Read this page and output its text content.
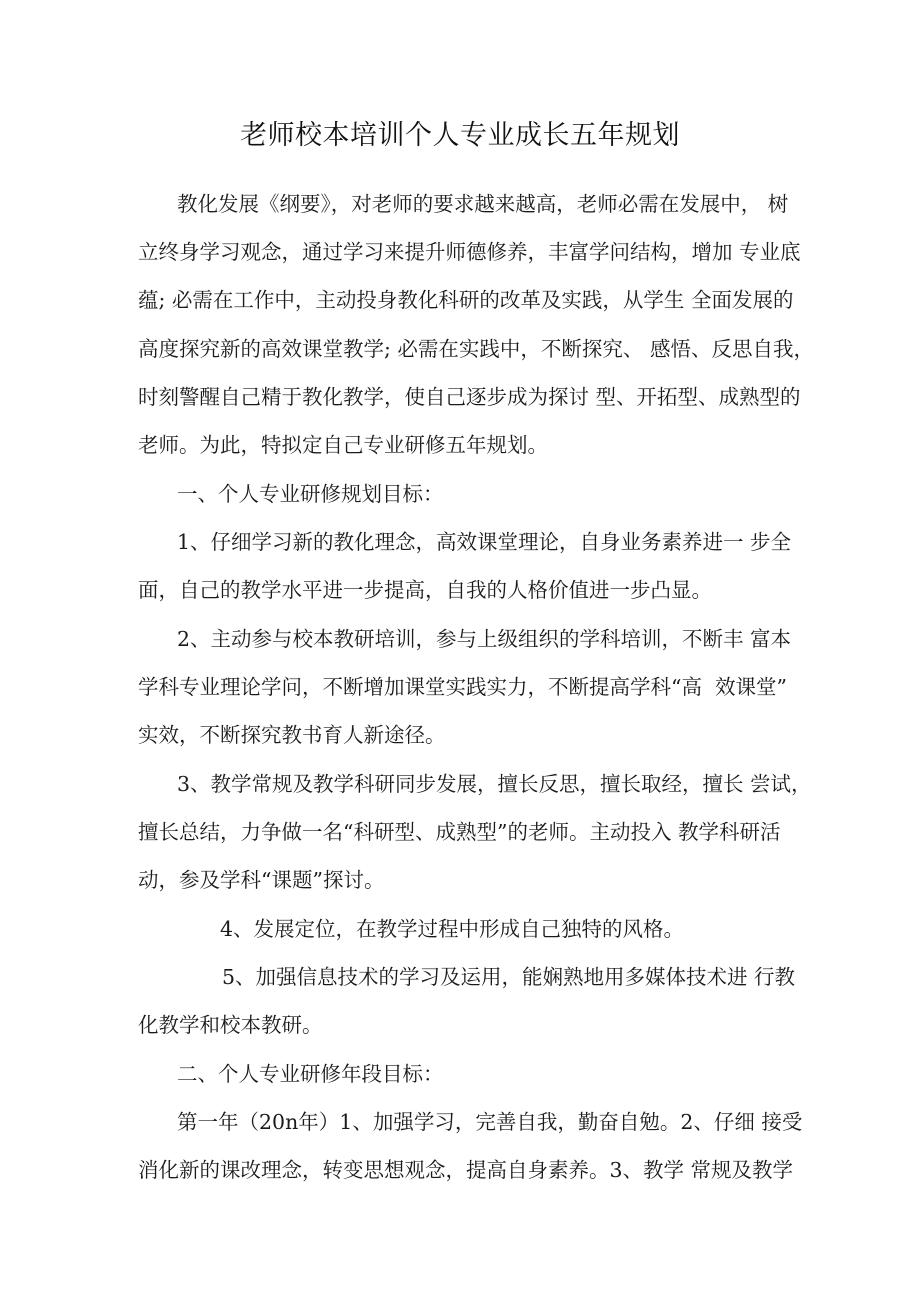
老师校本培训个人专业成长五年规划
教化发展《纲要》，对老师的要求越来越高，老师必需在发展中， 树
立终身学习观念，通过学习来提升师德修养，丰富学问结构，增加 专业底
蕴; 必需在工作中，主动投身教化科研的改革及实践，从学生 全面发展的
高度探究新的高效课堂教学; 必需在实践中，不断探究、 感悟、反思自我，
时刻警醒自己精于教化教学，使自己逐步成为探讨 型、开拓型、成熟型的
老师。为此，特拟定自己专业研修五年规划。
一、个人专业研修规划目标：
1、仔细学习新的教化理念，高效课堂理论，自身业务素养进一 步全
面，自己的教学水平进一步提高，自我的人格价值进一步凸显。
2、主动参与校本教研培训，参与上级组织的学科培训，不断丰 富本
学科专业理论学问，不断增加课堂实践实力，不断提高学科“高  效课堂”
实效，不断探究教书育人新途径。
3、教学常规及教学科研同步发展，擅长反思，擅长取经，擅长 尝试，
擅长总结，力争做一名“科研型、成熟型”的老师。主动投入 教学科研活
动，参及学科“课题”探讨。
4、发展定位，在教学过程中形成自己独特的风格。
5、加强信息技术的学习及运用，能娴熟地用多媒体技术进 行教
化教学和校本教研。
二、个人专业研修年段目标：
第一年（20n年）1、加强学习，完善自我，勤奋自勉。2、仔细 接受
消化新的课改理念，转变思想观念，提高自身素养。3、教学 常规及教学
